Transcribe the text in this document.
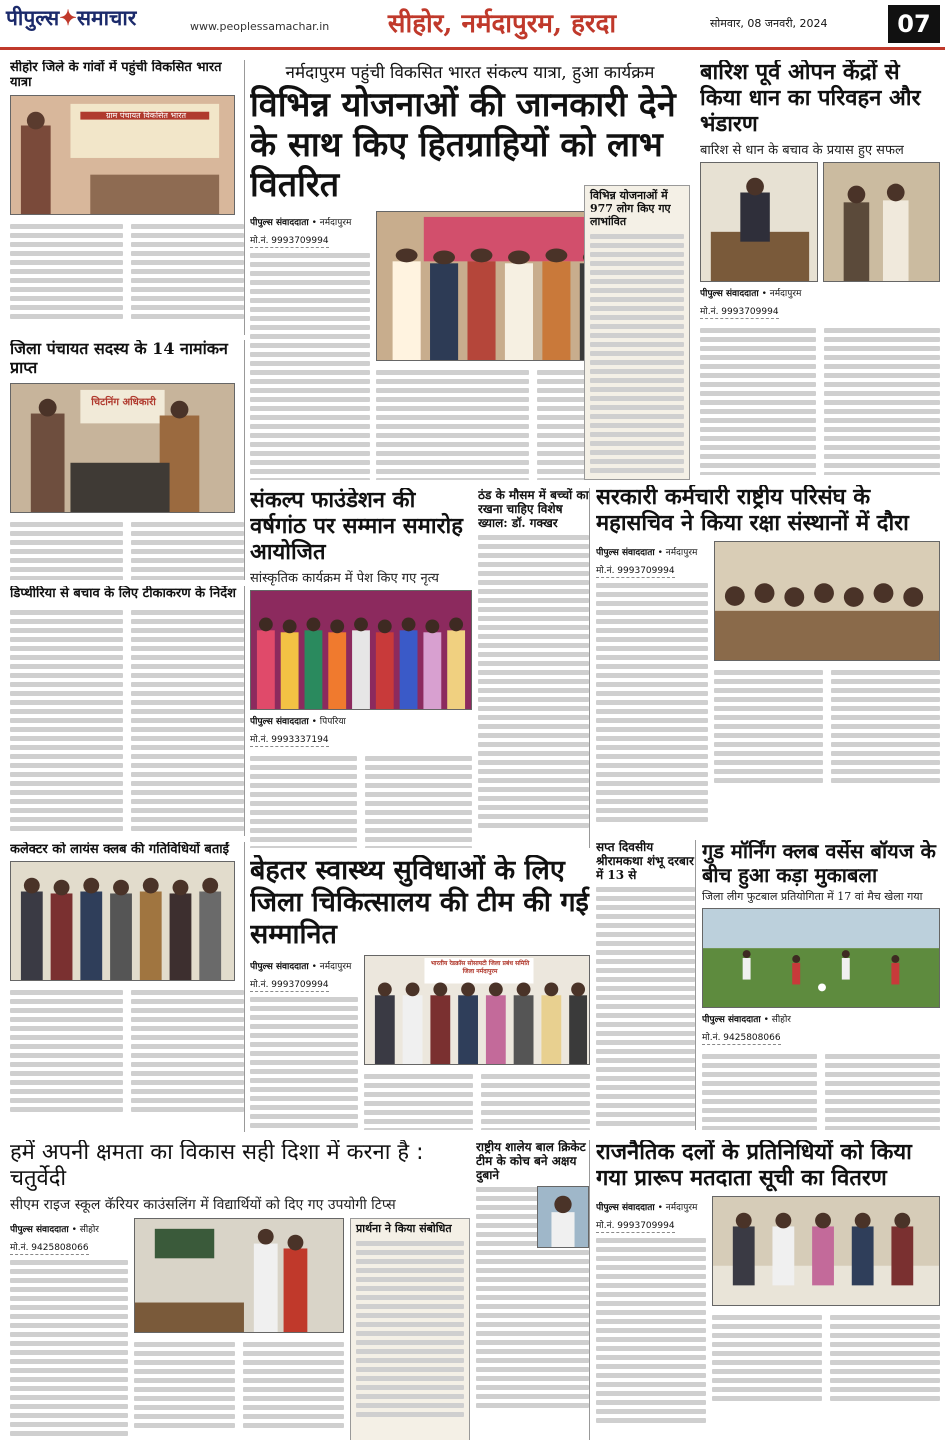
पीपुल्स✦समाचार	www.peoplessamachar.in	सीहोर, नर्मदापुरम, हरदा	सोमवार, 08 जनवरी, 2024	07
सीहोर जिले के गांवों में पहुंची विकसित भारत यात्रा
ग्राम पंचायत विकसित भारत
जिला पंचायत सदस्य के 14 नामांकन प्राप्त
चिटनिंग अधिकारी
डिप्थीरिया से बचाव के लिए टीकाकरण के निर्देश
कलेक्टर को लायंस क्लब की गतिविधियों बताईं
नर्मदापुरम पहुंची विकसित भारत संकल्प यात्रा, हुआ कार्यक्रम
विभिन्न योजनाओं की जानकारी देने के साथ किए हितग्राहियों को लाभ वितरित
पीपुल्स संवाददाता • नर्मदापुरम
मो.नं. 9993709994
विभिन्न योजनाओं में 977 लोग किए गए लाभांवित
बारिश पूर्व ओपन केंद्रों से किया धान का परिवहन और भंडारण
बारिश से धान के बचाव के प्रयास हुए सफल
पीपुल्स संवाददाता • नर्मदापुरम
मो.नं. 9993709994
संकल्प फाउंडेशन की वर्षगांठ पर सम्मान समारोह आयोजित
सांस्कृतिक कार्यक्रम में पेश किए गए नृत्य
पीपुल्स संवाददाता • पिपरिया
मो.नं. 9993337194
ठंड के मौसम में बच्चों का रखना चाहिए विशेष ख्याल: डॉ. गक्खर
सरकारी कर्मचारी राष्ट्रीय परिसंघ के महासचिव ने किया रक्षा संस्थानों में दौरा
पीपुल्स संवाददाता • नर्मदापुरम
मो.नं. 9993709994
बेहतर स्वास्थ्य सुविधाओं के लिए जिला चिकित्सालय की टीम की गई सम्मानित
पीपुल्स संवाददाता • नर्मदापुरम
मो.नं. 9993709994
भारतीय रेडक्रॉस सोसायटी जिला प्रबंध समिति जिला नर्मदापुरम
सप्त दिवसीय श्रीरामकथा शंभू दरबार में 13 से
गुड मॉर्निंग क्लब वर्सेस बॉयज के बीच हुआ कड़ा मुकाबला
जिला लीग फुटबाल प्रतियोगिता में 17 वां मैच खेला गया
पीपुल्स संवाददाता • सीहोर
मो.नं. 9425808066
हमें अपनी क्षमता का विकास सही दिशा में करना है : चतुर्वेदी
सीएम राइज स्कूल कॅरियर काउंसलिंग में विद्यार्थियों को दिए गए उपयोगी टिप्स
पीपुल्स संवाददाता • सीहोर
मो.नं. 9425808066
प्रार्थना ने किया संबोधित
राष्ट्रीय शालेय बाल क्रिकेट टीम के कोच बने अक्षय दुबाने
राजनैतिक दलों के प्रतिनिधियों को किया गया प्रारूप मतदाता सूची का वितरण
पीपुल्स संवाददाता • नर्मदापुरम
मो.नं. 9993709994
